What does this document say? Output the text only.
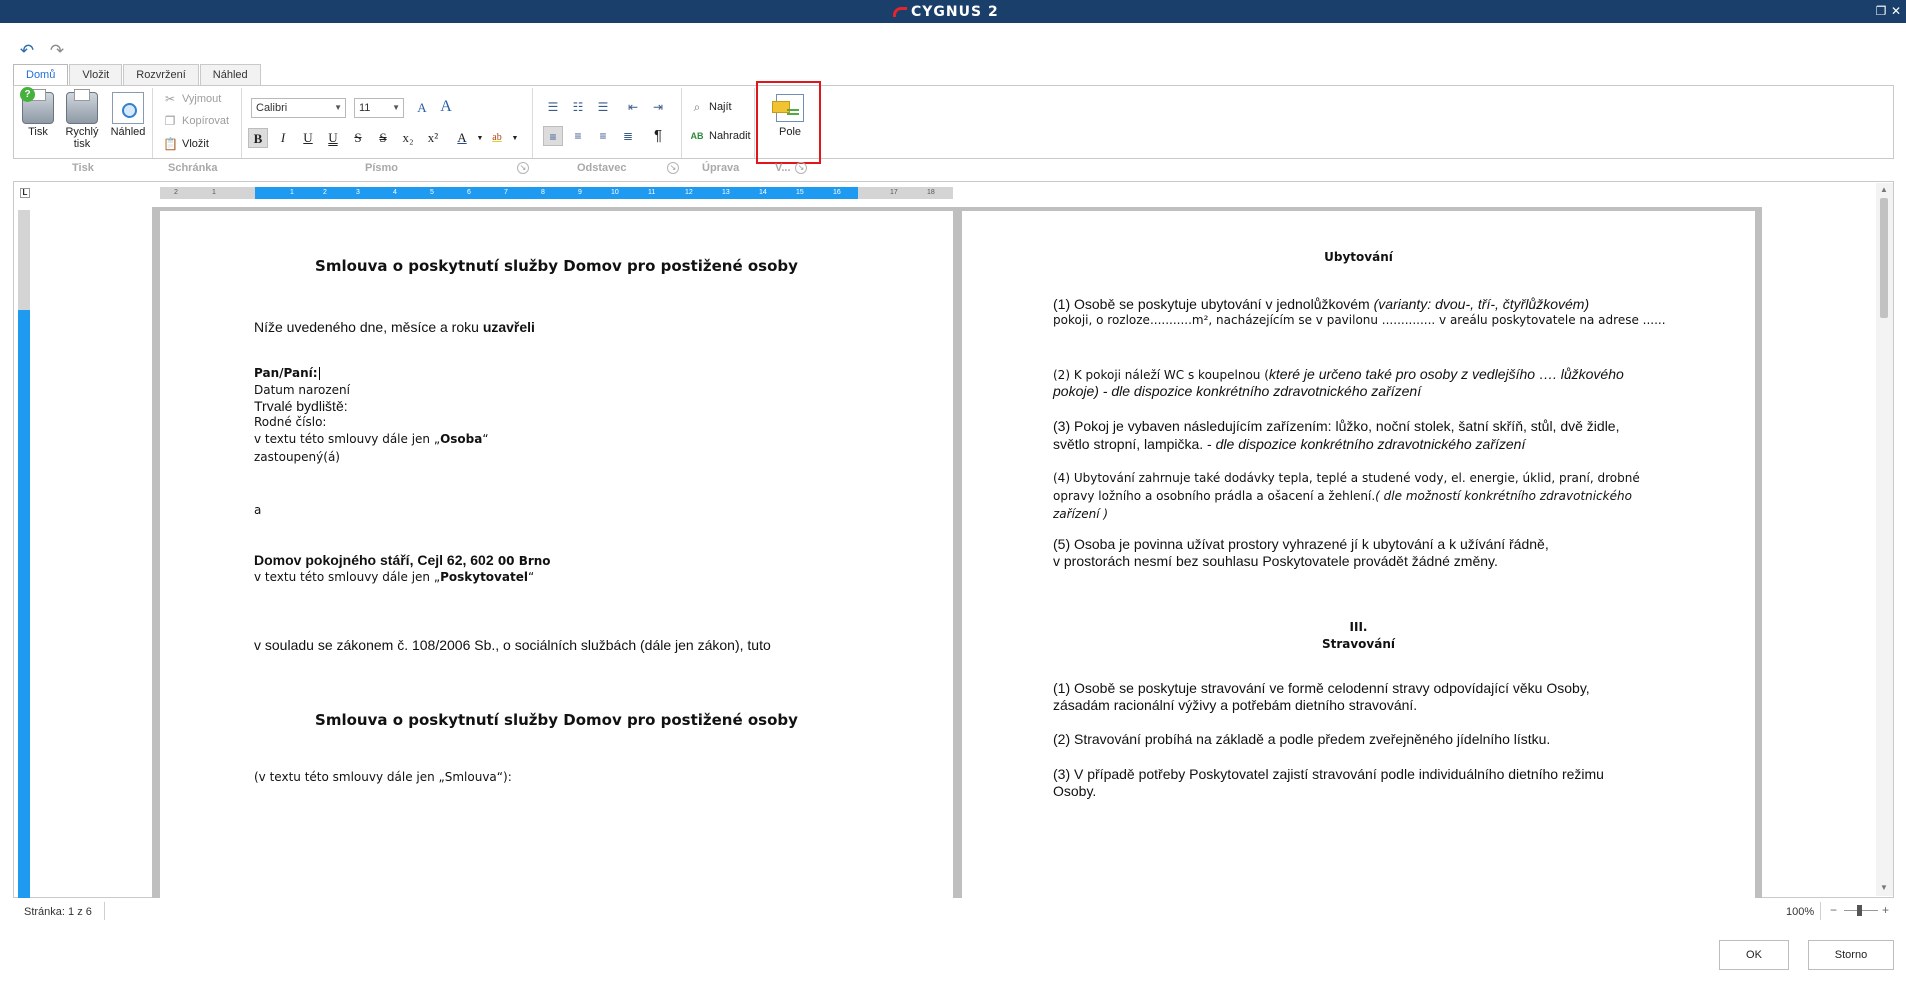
CYGNUS 2	❐ ✕
↶ ↷
Domů	Vložit	Rozvržení	Náhled
?
Tisk	Rychlý
tisk
Náhled
✂ Vyjmout
❐ Kopírovat
📋 Vložit
Calibri	▼	11	▼	A A
B	I	U	U	S	S	x₂	x²	A	▼ ab	▼
☰	☷	☰	⇤	⇥
≡	≡	≡	≣	¶
⌕ Najít
AB Nahradit	Pole
Tisk	Schránka	Písmo	↘	Odstavec	↘ Úprava	V... ↘
L	2	1	1	2	3	4	5	6	7	8	9	10	11	12	13	14	15	16	17	18
Smlouva o poskytnutí služby Domov pro postižené osoby
Níže uvedeného dne, měsíce a roku uzavřeli
Pan/Paní:
Datum narození
Trvalé bydliště:
Rodné číslo:
v textu této smlouvy dále jen „Osoba“
zastoupený(á)
a
Domov pokojného stáří, Cejl 62, 602 00 Brno
v textu této smlouvy dále jen „Poskytovatel“
v souladu se zákonem č. 108/2006 Sb., o sociálních službách (dále jen zákon), tuto
Smlouva o poskytnutí služby Domov pro postižené osoby
(v textu této smlouvy dále jen „Smlouva“):
Ubytování
(1) Osobě se poskytuje ubytování v jednolůžkovém (varianty: dvou-, tří-, čtyřlůžkovém)
pokoji, o rozloze...........m², nacházejícím se v pavilonu .............. v areálu poskytovatele na adrese ......
(2) K pokoji náleží WC s koupelnou (které je určeno také pro osoby z vedlejšího …. lůžkového
pokoje) - dle dispozice konkrétního zdravotnického zařízení
(3) Pokoj je vybaven následujícím zařízením: lůžko, noční stolek, šatní skříň, stůl, dvě židle,
světlo stropní, lampička. - dle dispozice konkrétního zdravotnického zařízení
(4) Ubytování zahrnuje také dodávky tepla, teplé a studené vody, el. energie, úklid, praní, drobné
opravy ložního a osobního prádla a ošacení a žehlení.( dle možností konkrétního zdravotnického
zařízení )
(5) Osoba je povinna užívat prostory vyhrazené jí k ubytování a k užívání řádně,
v prostorách nesmí bez souhlasu Poskytovatele provádět žádné změny.
III.
Stravování
(1) Osobě se poskytuje stravování ve formě celodenní stravy odpovídající věku Osoby,
zásadám racionální výživy a potřebám dietního stravování.
(2) Stravování probíhá na základě a podle předem zveřejněného jídelního lístku.
(3) V případě potřeby Poskytovatel zajistí stravování podle individuálního dietního režimu
Osoby.
▲
▼
Stránka: 1 z 6	100% −	+
OK	Storno
